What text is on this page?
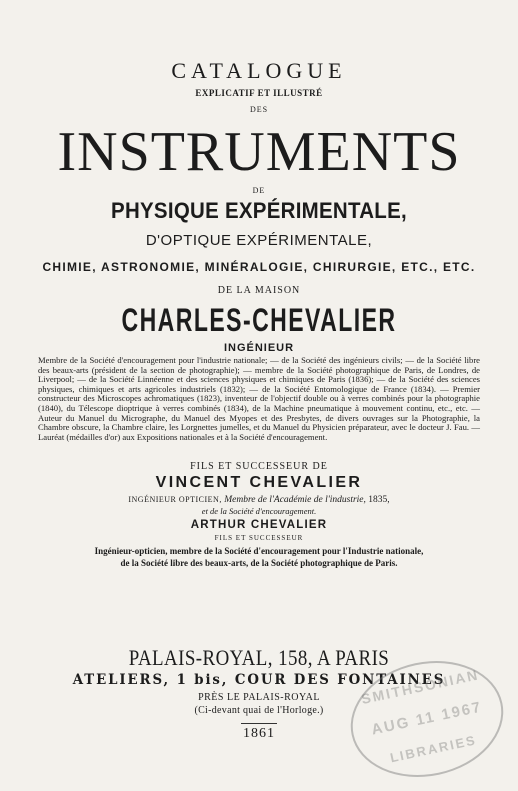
CATALOGUE
EXPLICATIF ET ILLUSTRÉ
DES
INSTRUMENTS
DE
PHYSIQUE EXPÉRIMENTALE,
D'OPTIQUE EXPÉRIMENTALE,
CHIMIE, ASTRONOMIE, MINÉRALOGIE, CHIRURGIE, ETC., ETC.
DE LA MAISON
CHARLES-CHEVALIER
INGÉNIEUR

Membre de la Société d'encouragement pour l'industrie nationale; — de la Société des ingénieurs civils; — de la Société libre des beaux-arts (président de la section de photographie); — membre de la Société photographique de Paris, de Londres, de Liverpool; — de la Société Linnéenne et des sciences physiques et chimiques de Paris (1836); — de la Société des sciences physiques, chimiques et arts agricoles industriels (1832); — de la Société Entomologique de France (1834). — Premier constructeur des Microscopes achromatiques (1823), inventeur de l'objectif double ou à verres combinés pour la photographie (1840), du Télescope dioptrique à verres combinés (1834), de la Machine pneumatique à mouvement continu, etc., etc. — Auteur du Manuel du Micrographe, du Manuel des Myopes et des Presbytes, de divers ouvrages sur la Photographie, la Chambre obscure, la Chambre claire, les Lorgnettes jumelles, et du Manuel du Physicien préparateur, avec le docteur J. Fau. — Lauréat (médailles d'or) aux Expositions nationales et à la Société d'encouragement.

FILS ET SUCCESSEUR DE
VINCENT CHEVALIER
INGÉNIEUR OPTICIEN, Membre de l'Académie de l'industrie, 1835,
et de la Société d'encouragement.
ARTHUR CHEVALIER
FILS ET SUCCESSEUR
Ingénieur-opticien, membre de la Société d'encouragement pour l'Industrie nationale,
de la Société libre des beaux-arts, de la Société photographique de Paris.
PALAIS-ROYAL, 158, A PARIS
ATELIERS, 1 bis, COUR DES FONTAINES
PRÈS LE PALAIS-ROYAL
(Ci-devant quai de l'Horloge.)
1861
SMITHSONIAN
AUG 11 1967
LIBRARIES
